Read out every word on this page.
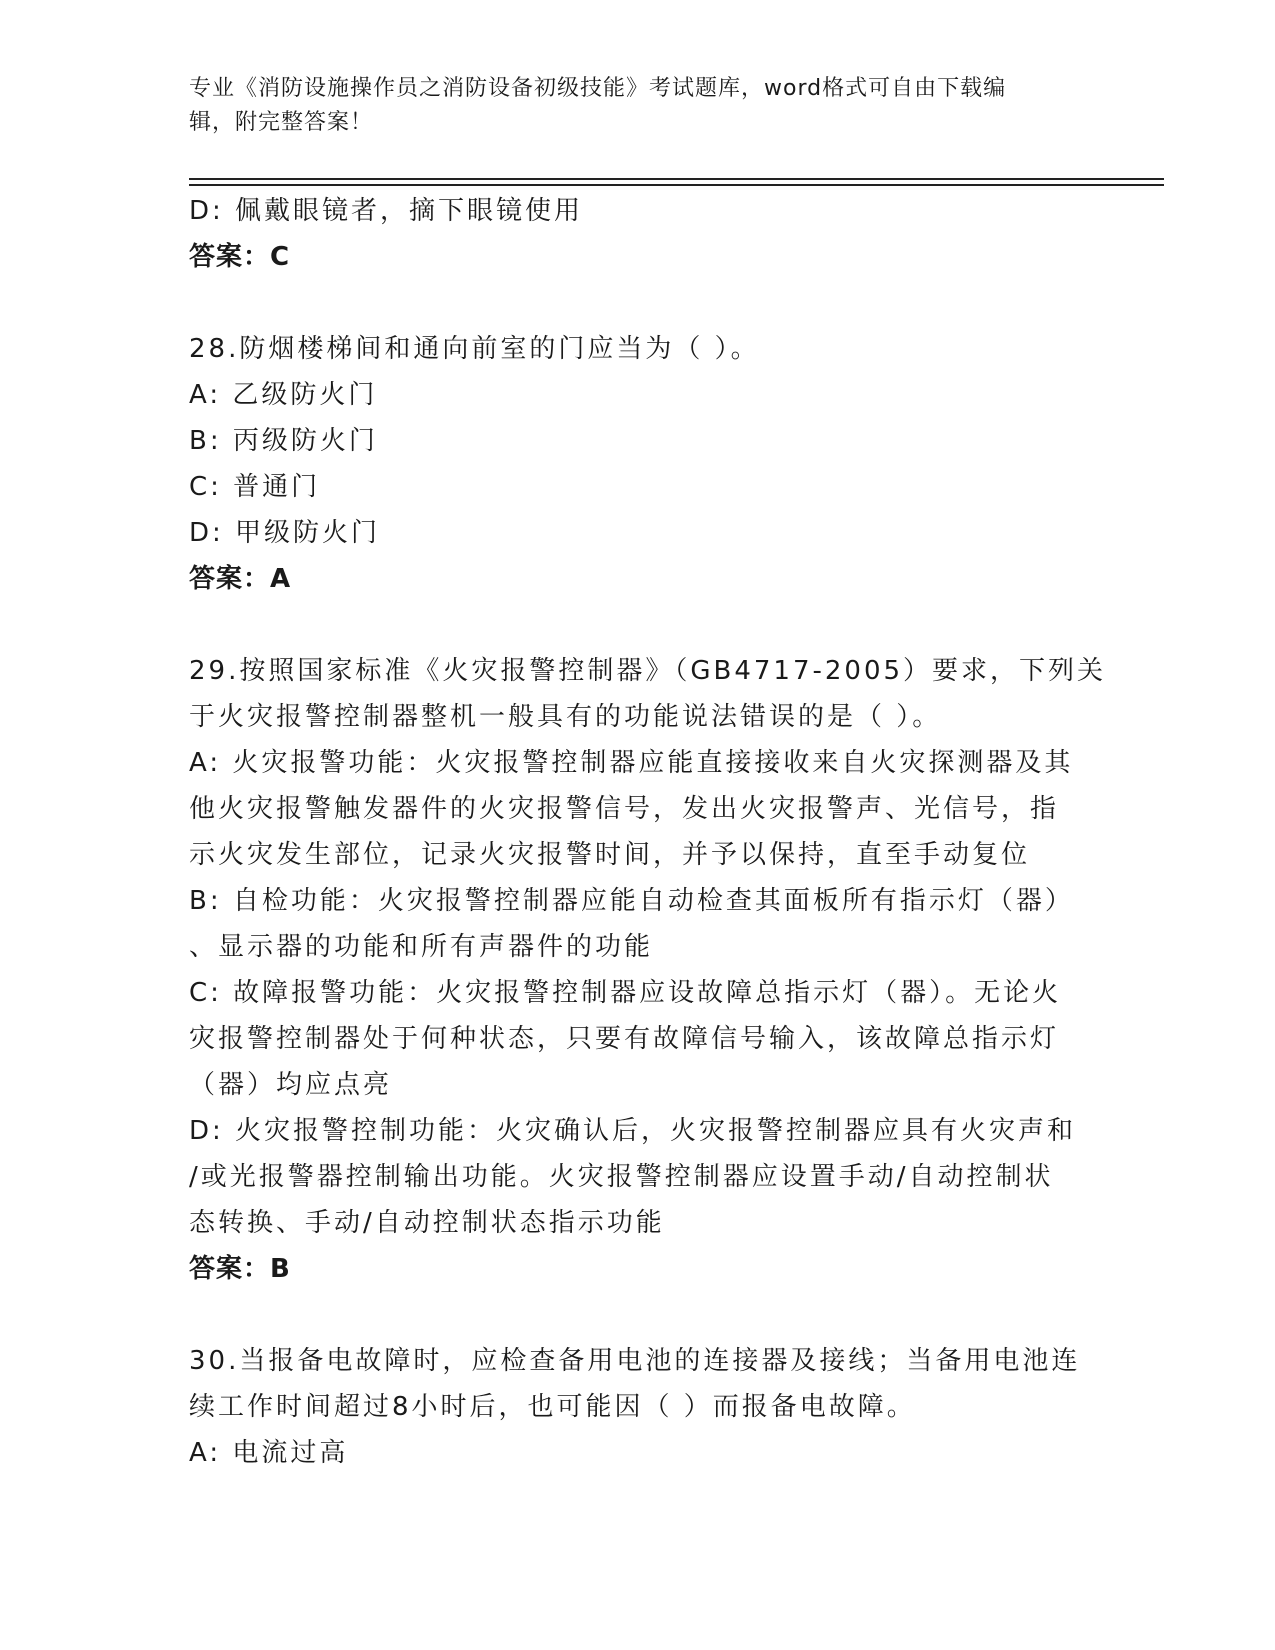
专业《消防设施操作员之消防设备初级技能》考试题库，word格式可自由下载编
辑，附完整答案！
D: 佩戴眼镜者，摘下眼镜使用
答案：C
28.防烟楼梯间和通向前室的门应当为（ ）。
A: 乙级防火门
B: 丙级防火门
C: 普通门
D: 甲级防火门
答案：A
29.按照国家标准《火灾报警控制器》（GB4717-2005）要求，下列关
于火灾报警控制器整机一般具有的功能说法错误的是（ ）。
A: 火灾报警功能：火灾报警控制器应能直接接收来自火灾探测器及其
他火灾报警触发器件的火灾报警信号，发出火灾报警声、光信号，指
示火灾发生部位，记录火灾报警时间，并予以保持，直至手动复位
B: 自检功能：火灾报警控制器应能自动检查其面板所有指示灯（器）
、显示器的功能和所有声器件的功能
C: 故障报警功能：火灾报警控制器应设故障总指示灯（器）。无论火
灾报警控制器处于何种状态，只要有故障信号输入，该故障总指示灯
（器）均应点亮
D: 火灾报警控制功能：火灾确认后，火灾报警控制器应具有火灾声和
/或光报警器控制输出功能。火灾报警控制器应设置手动/自动控制状
态转换、手动/自动控制状态指示功能
答案：B
30.当报备电故障时，应检查备用电池的连接器及接线；当备用电池连
续工作时间超过8小时后，也可能因（ ）而报备电故障。
A: 电流过高
